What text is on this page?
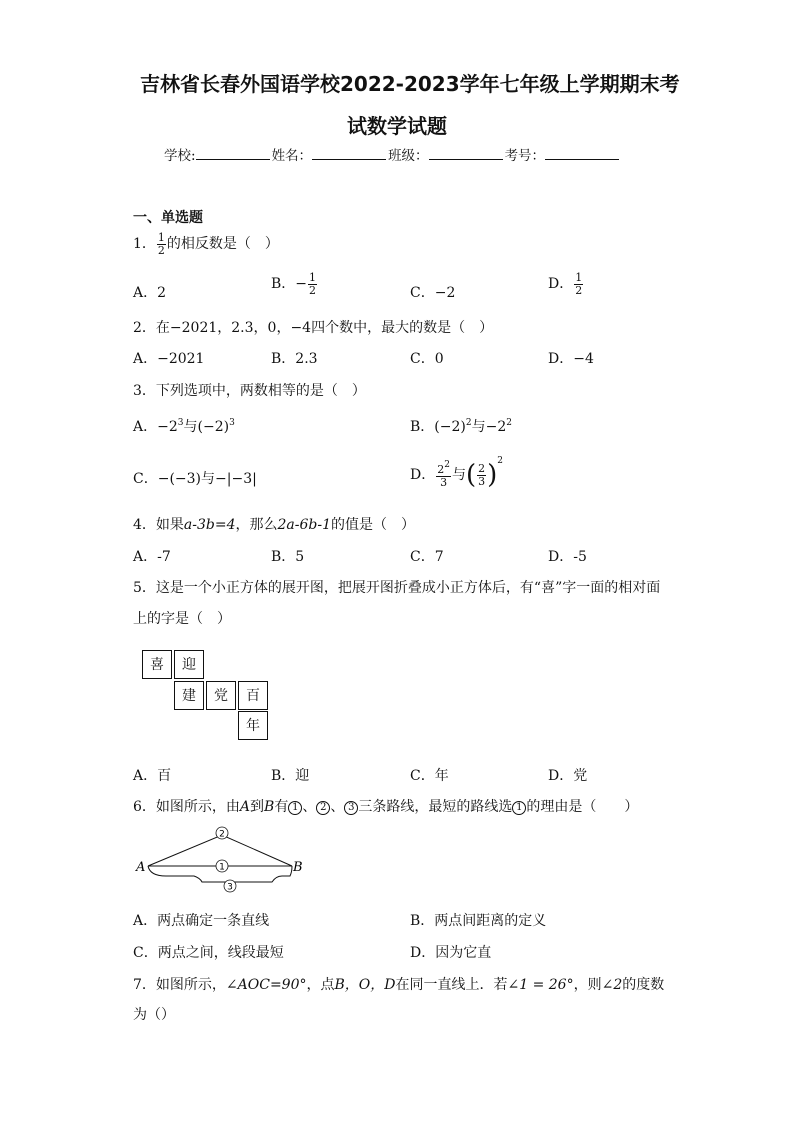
吉林省长春外国语学校2022-2023学年七年级上学期期末考
试数学试题
学校:	姓名：	班级：	考号：
一、单选题
1． $\frac{1}{2}$ 的相反数是（　）
A．2
B．− $\frac{1}{2}$	C．−2
D． $\frac{1}{2}$
2．在−2021，2.3，0，−4四个数中，最大的数是（　）
A．−2021	B．2.3	C．0	D．−4
3．下列选项中，两数相等的是（　）
A．$-2^3$与$(-2)^3$	B．$(-2)^2$与$-2^2$
C．−(−3)与−|−3|	D． $\frac{2^2}{3}$ 与( $\frac{2}{3} )^2$
4．如果a-3b=4，那么2a-6b-1的值是（　）
A．-7	B．5	C．7	D．-5
5．这是一个小正方体的展开图，把展开图折叠成小正方体后，有“喜”字一面的相对面
上的字是（　）
喜	迎
建	党	百
年
A．百	B．迎	C．年	D．党
6．如图所示，由A到B有 1 、 2 、 3 三条路线，最短的路线选 1 的理由是（　　）
A	B
2
1
3
A．两点确定一条直线	B．两点间距离的定义
C．两点之间，线段最短	D．因为它直
7．如图所示，∠AOC=90°，点B，O，D在同一直线上．若∠1 = 26°，则∠2的度数
为（）
